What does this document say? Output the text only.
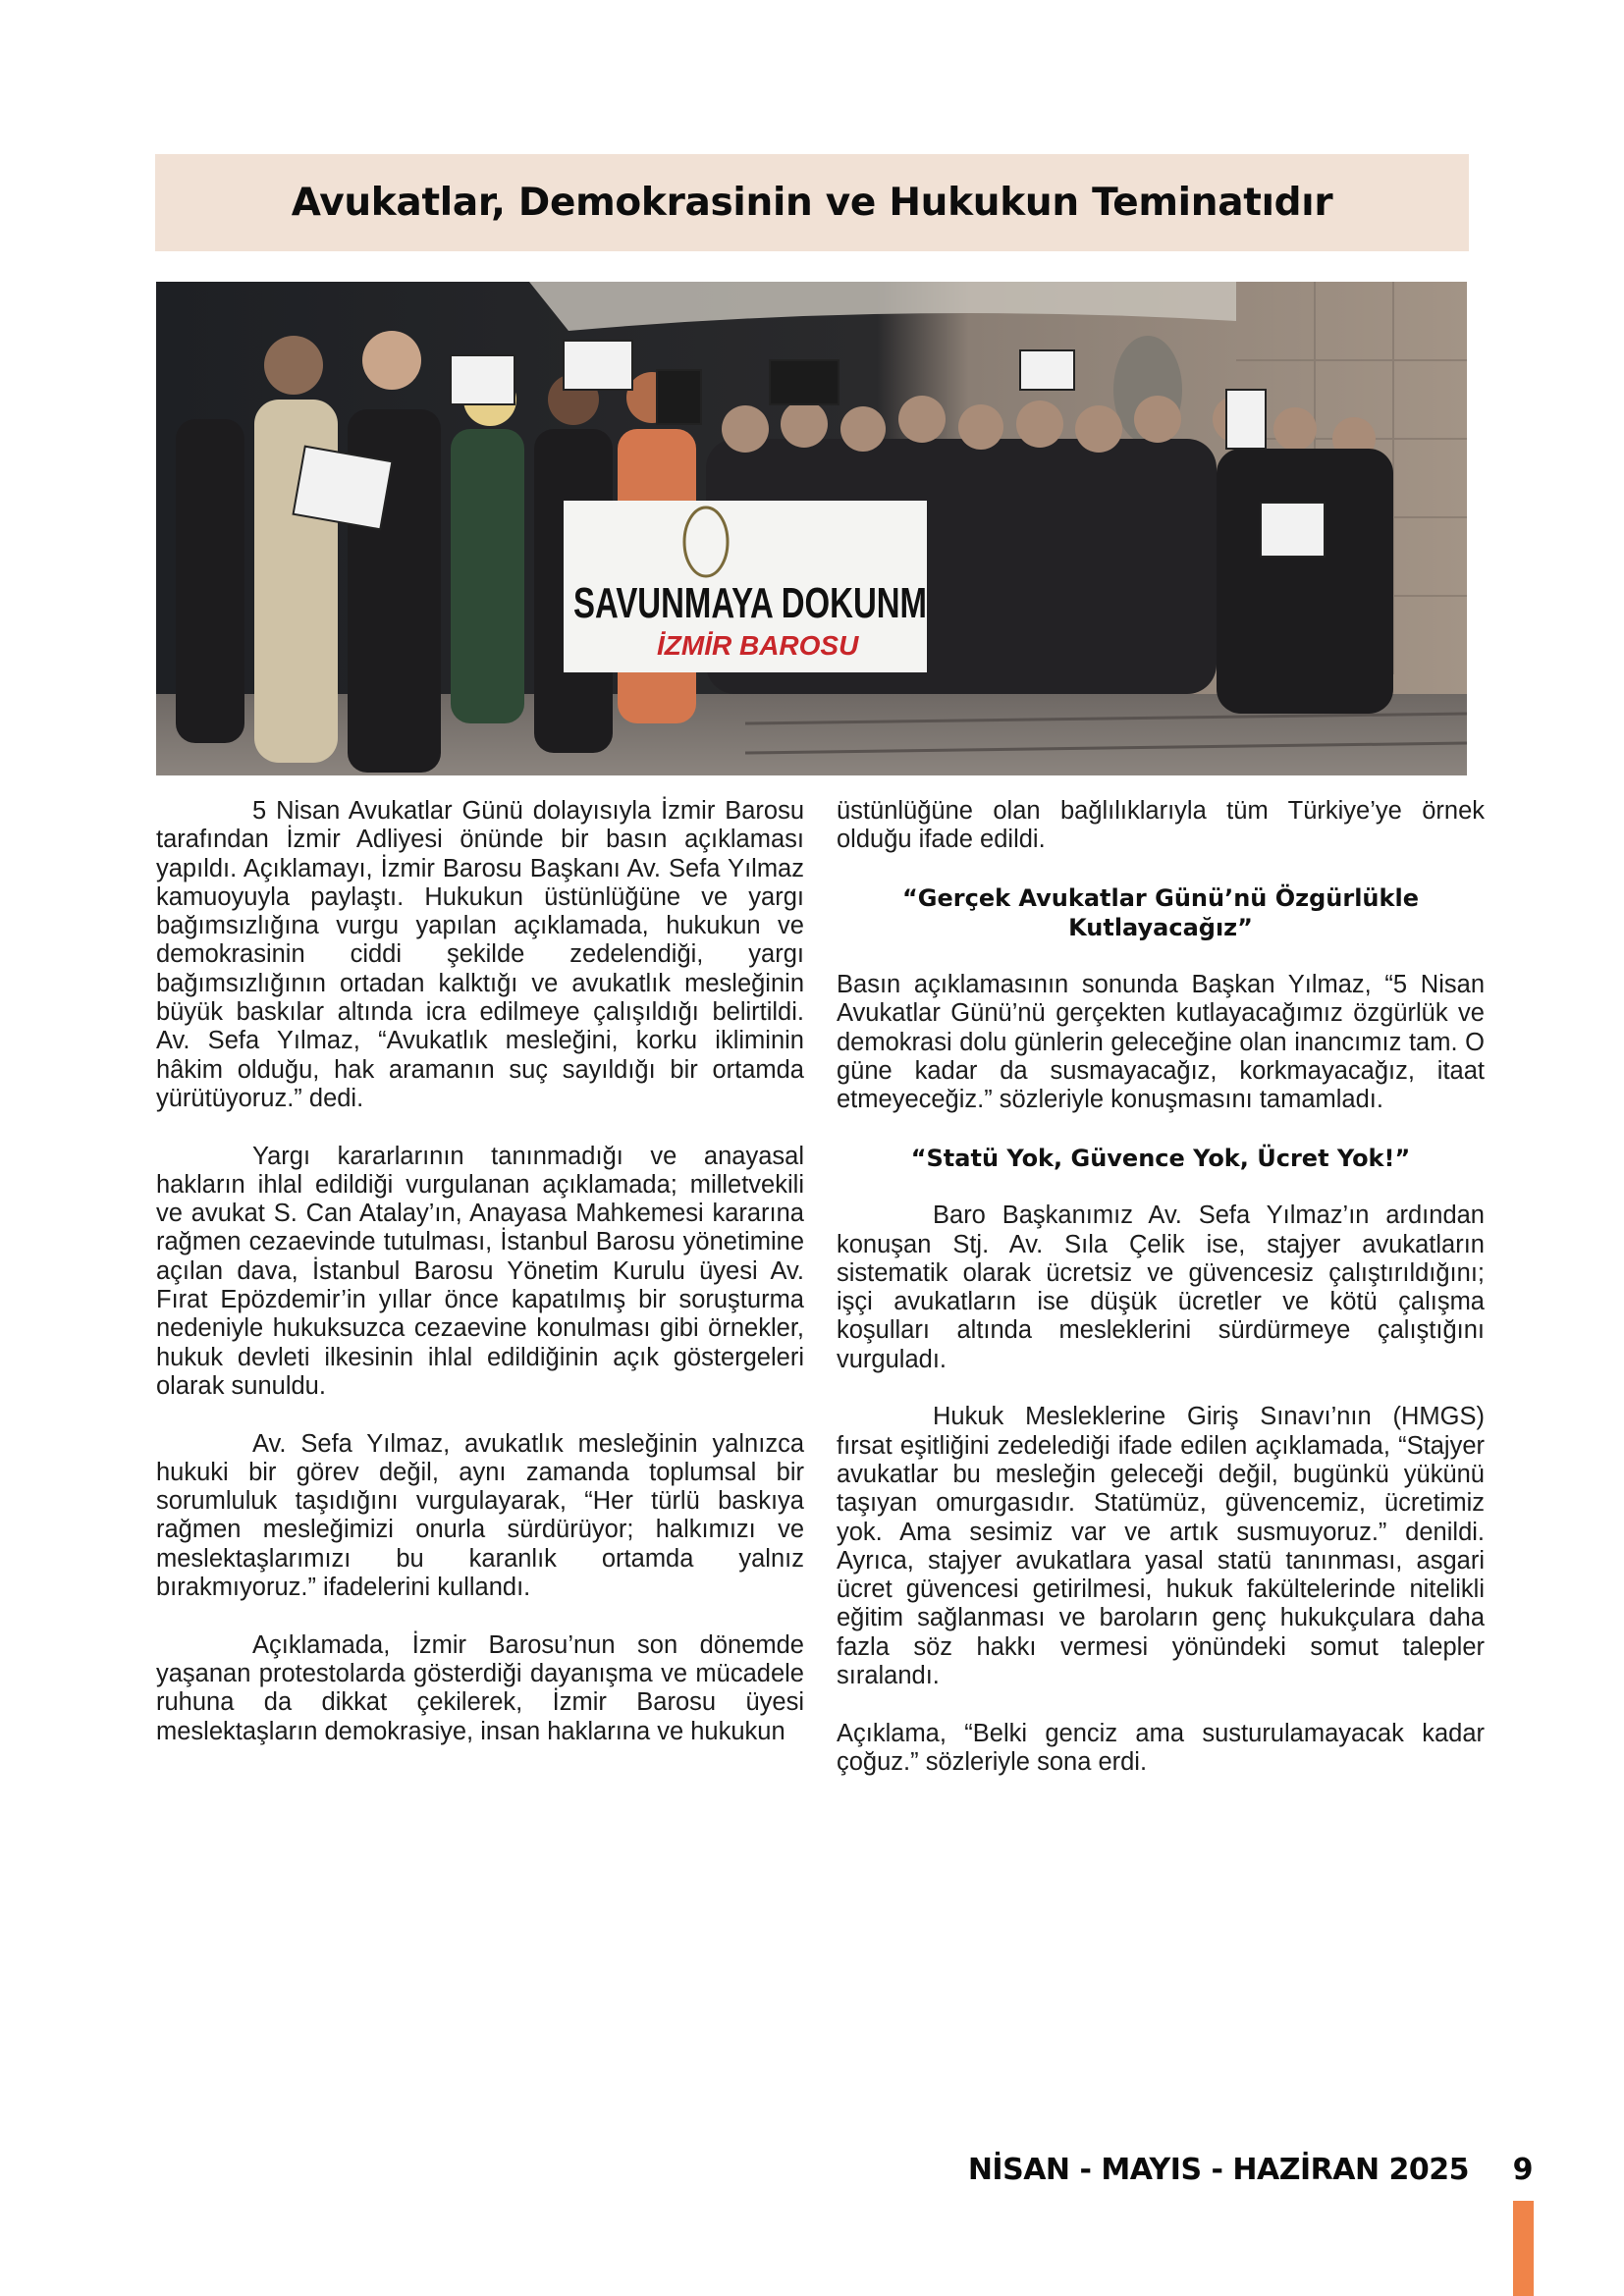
Avukatlar, Demokrasinin ve Hukukun Teminatıdır
SAVUNMAYA DOKUNM
İZMİR BAROSU

5 Nisan Avukatlar Günü dolayısıyla İzmir Barosu tarafından İzmir Adliyesi önünde bir basın açıklaması yapıldı. Açıklamayı, İzmir Barosu Başkanı Av. Sefa Yılmaz kamuoyuyla paylaştı. Hukukun üstünlüğüne ve yargı bağımsızlığına vurgu yapılan açıklamada, hukukun ve demokrasinin ciddi şekilde zedelendiği, yargı bağımsızlığının ortadan kalktığı ve avukatlık mesleğinin büyük baskılar altında icra edilmeye çalışıldığı belirtildi. Av. Sefa Yılmaz, “Avukatlık mesleğini, korku ikliminin hâkim olduğu, hak aramanın suç sayıldığı bir ortamda yürütüyoruz.” dedi.

Yargı kararlarının tanınmadığı ve anayasal hakların ihlal edildiği vurgulanan açıklamada; milletvekili ve avukat S. Can Atalay’ın, Anayasa Mahkemesi kararına rağmen cezaevinde tutulması, İstanbul Barosu yönetimine açılan dava, İstanbul Barosu Yönetim Kurulu üyesi Av. Fırat Epözdemir’in yıllar önce kapatılmış bir soruşturma nedeniyle hukuksuzca cezaevine konulması gibi örnekler, hukuk devleti ilkesinin ihlal edildiğinin açık göstergeleri olarak sunuldu.

Av. Sefa Yılmaz, avukatlık mesleğinin yalnızca hukuki bir görev değil, aynı zamanda toplumsal bir sorumluluk taşıdığını vurgulayarak, “Her türlü baskıya rağmen mesleğimizi onurla sürdürüyor; halkımızı ve meslektaşlarımızı bu karanlık ortamda yalnız bırakmıyoruz.” ifadelerini kullandı.

Açıklamada, İzmir Barosu’nun son dönemde yaşanan protestolarda gösterdiği dayanışma ve mücadele ruhuna da dikkat çekilerek, İzmir Barosu üyesi meslektaşların demokrasiye, insan haklarına ve hukukun

üstünlüğüne olan bağlılıklarıyla tüm Türkiye’ye örnek olduğu ifade edildi.

“Gerçek Avukatlar Günü’nü Özgürlükle Kutlayacağız”

Basın açıklamasının sonunda Başkan Yılmaz, “5 Nisan Avukatlar Günü’nü gerçekten kutlayacağımız özgürlük ve demokrasi dolu günlerin geleceğine olan inancımız tam. O güne kadar da susmayacağız, korkmayacağız, itaat etmeyeceğiz.” sözleriyle konuşmasını tamamladı.

“Statü Yok, Güvence Yok, Ücret Yok!”

Baro Başkanımız Av. Sefa Yılmaz’ın ardından konuşan Stj. Av. Sıla Çelik ise, stajyer avukatların sistematik olarak ücretsiz ve güvencesiz çalıştırıldığını; işçi avukatların ise düşük ücretler ve kötü çalışma koşulları altında mesleklerini sürdürmeye çalıştığını vurguladı.

Hukuk Mesleklerine Giriş Sınavı’nın (HMGS) fırsat eşitliğini zedelediği ifade edilen açıklamada, “Stajyer avukatlar bu mesleğin geleceği değil, bugünkü yükünü taşıyan omurgasıdır. Statümüz, güvencemiz, ücretimiz yok. Ama sesimiz var ve artık susmuyoruz.” denildi. Ayrıca, stajyer avukatlara yasal statü tanınması, asgari ücret güvencesi getirilmesi, hukuk fakültelerinde nitelikli eğitim sağlanması ve baroların genç hukukçulara daha fazla söz hakkı vermesi yönündeki somut talepler sıralandı.

Açıklama, “Belki genciz ama susturulamayacak kadar çoğuz.” sözleriyle sona erdi.

NİSAN - MAYIS - HAZİRAN 2025 9
